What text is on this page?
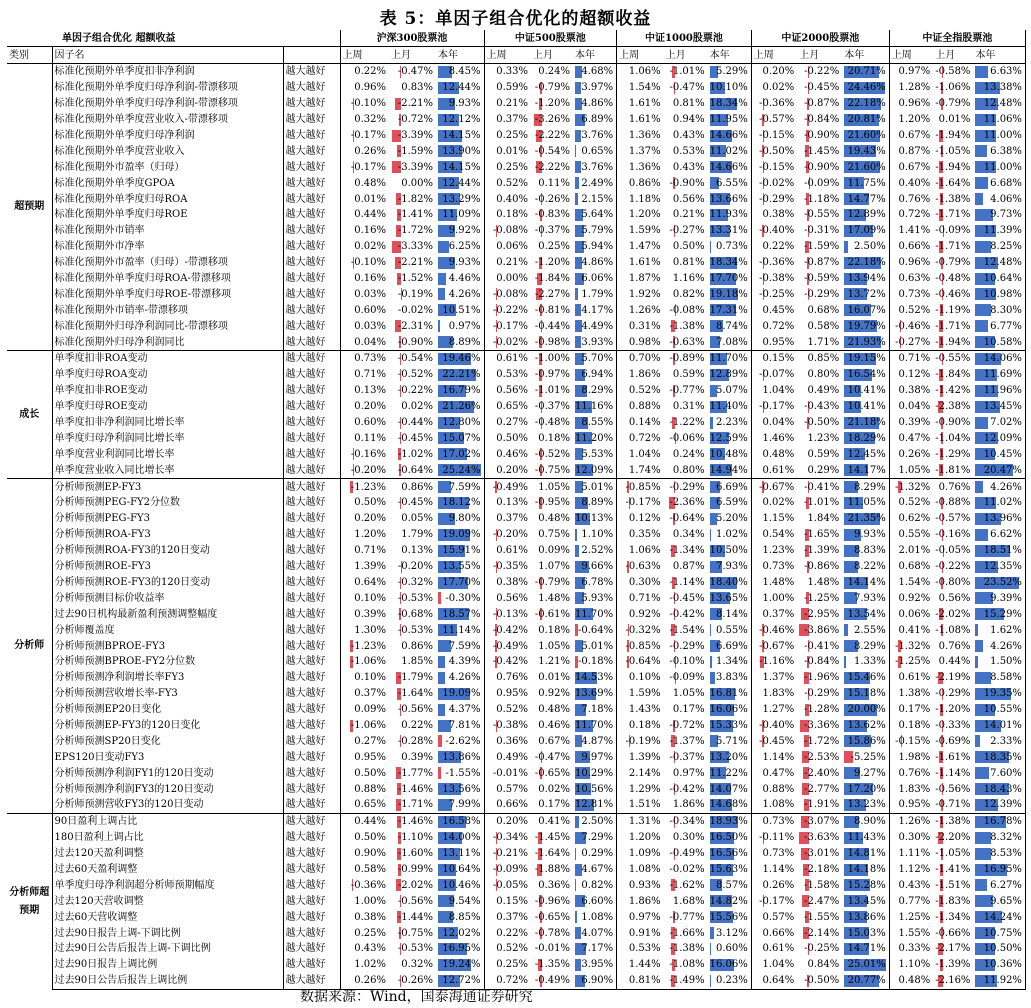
表 5：单因子组合优化的超额收益
单因子组合优化 超额收益			沪深300股票池			中证500股票池			中证1000股票池			中证2000股票池			中证全指股票池		
类别	因子名		上周	上月	本年	上周	上月	本年	上周	上月	本年	上周	上月	本年	上周	上月	本年

超预期	标准化预期外单季度扣非净利润	越大越好	0.22%	-0.47%	8.45%	0.33%	0.24%	4.68%	1.06%	-1.01%	5.29%	0.20%	-0.22%	20.71%	0.97%	-0.58%	6.63%
	标准化预期外单季度归母净利润-带漂移项	越大越好	0.96%	0.83%	12.44%	0.59%	-0.79%	3.97%	1.54%	-0.47%	10.10%	0.02%	-0.45%	24.46%	1.28%	-1.06%	13.38%
	标准化预期外单季度归母净利润-带漂移项	越大越好	-0.10%	-2.21%	9.93%	0.21%	-1.20%	4.86%	1.61%	0.81%	18.34%	-0.36%	-0.87%	22.18%	0.96%	-0.79%	12.48%
	标准化预期外单季度营业收入-带漂移项	越大越好	0.32%	-0.72%	12.12%	0.37%	-3.26%	6.89%	1.61%	0.94%	11.95%	-0.57%	-0.84%	20.81%	1.20%	0.01%	11.06%
	标准化预期外单季度归母净利润	越大越好	-0.17%	-3.39%	14.15%	0.25%	-2.22%	3.76%	1.36%	0.43%	14.66%	-0.15%	-0.90%	21.60%	0.67%	-1.94%	11.00%
	标准化预期外单季度营业收入	越大越好	0.26%	-1.59%	13.90%	0.01%	-0.54%	0.65%	1.37%	0.53%	11.02%	-0.50%	-1.45%	19.43%	0.87%	-1.05%	6.38%
	标准化预期外市盈率（归母）	越大越好	-0.17%	-3.39%	14.15%	0.25%	-2.22%	3.76%	1.36%	0.43%	14.66%	-0.15%	-0.90%	21.60%	0.67%	-1.94%	11.00%
	标准化预期外单季度GPOA	越大越好	0.48%	0.00%	12.44%	0.52%	0.11%	2.49%	0.86%	-0.90%	6.55%	-0.02%	-0.09%	11.75%	0.40%	-1.64%	6.68%
	标准化预期外单季度归母ROA	越大越好	0.01%	-1.82%	13.29%	0.40%	-0.26%	2.15%	1.18%	0.56%	13.66%	-0.29%	-1.18%	14.77%	0.76%	-1.38%	4.06%
	标准化预期外单季度归母ROE	越大越好	0.44%	-1.41%	11.09%	0.18%	-0.83%	5.64%	1.20%	0.21%	11.93%	0.38%	-0.55%	12.89%	0.72%	-1.71%	9.73%
	标准化预期外市销率	越大越好	0.16%	-1.72%	9.92%	-0.08%	-0.37%	5.79%	1.59%	-0.27%	13.31%	-0.40%	-0.31%	17.09%	1.41%	-0.09%	11.39%
	标准化预期外市净率	越大越好	0.02%	-3.33%	6.25%	0.06%	0.25%	5.94%	1.47%	0.50%	0.73%	0.22%	-1.59%	2.50%	0.66%	-1.71%	8.25%
	标准化预期外市盈率（归母）-带漂移项	越大越好	-0.10%	-2.21%	9.93%	0.21%	-1.20%	4.86%	1.61%	0.81%	18.34%	-0.36%	-0.87%	22.18%	0.96%	-0.79%	12.48%
	标准化预期外单季度归母ROA-带漂移项	越大越好	0.16%	-1.52%	4.46%	0.00%	-1.84%	6.06%	1.87%	1.16%	17.70%	-0.38%	-0.59%	13.94%	0.63%	-0.48%	10.64%
	标准化预期外单季度归母ROE-带漂移项	越大越好	0.03%	-0.19%	4.26%	-0.08%	-2.27%	1.79%	1.92%	0.82%	19.18%	-0.25%	-0.29%	13.72%	0.73%	-0.46%	10.98%
	标准化预期外市销率-带漂移项	越大越好	0.60%	-0.02%	10.51%	-0.22%	-0.81%	4.17%	1.26%	-0.08%	17.31%	0.45%	0.68%	16.07%	0.52%	-1.19%	8.30%
	标准化预期外归母净利润同比-带漂移项	越大越好	0.03%	-2.31%	0.97%	-0.17%	-0.44%	4.49%	0.31%	-1.38%	8.74%	0.72%	0.58%	19.79%	-0.46%	-1.71%	6.77%
	标准化预期外归母净利润同比	越大越好	0.04%	-0.90%	8.89%	-0.02%	-0.98%	3.93%	0.98%	-0.63%	7.08%	0.95%	1.71%	21.93%	-0.27%	-1.94%	10.58%

成长	单季度扣非ROA变动	越大越好	0.73%	-0.54%	19.46%	0.61%	-1.00%	5.70%	0.70%	-0.89%	11.70%	0.15%	0.85%	19.15%	0.71%	-0.55%	14.06%
	单季度归母ROA变动	越大越好	0.71%	-0.52%	22.21%	0.53%	-0.97%	6.94%	1.86%	0.59%	12.89%	-0.07%	0.80%	16.54%	0.12%	-1.84%	11.69%
	单季度扣非ROE变动	越大越好	0.13%	-0.22%	16.79%	0.56%	-1.01%	8.29%	0.52%	-0.77%	5.07%	1.04%	0.49%	10.41%	0.38%	-1.42%	11.96%
	单季度归母ROE变动	越大越好	0.20%	0.02%	21.26%	0.65%	-0.37%	11.16%	0.88%	0.31%	11.40%	-0.17%	-0.43%	10.41%	0.04%	-2.38%	13.45%
	单季度扣非净利润同比增长率	越大越好	0.60%	-0.44%	12.80%	0.27%	-0.48%	8.55%	0.14%	-1.22%	2.23%	0.04%	-0.50%	21.18%	0.39%	-0.90%	7.02%
	单季度归母净利润同比增长率	越大越好	0.11%	-0.45%	15.07%	0.50%	0.18%	11.20%	0.72%	-0.06%	12.59%	1.46%	1.23%	18.29%	0.47%	-1.04%	12.09%
	单季度营业利润同比增长率	越大越好	-0.16%	-1.02%	17.02%	0.46%	-0.52%	5.53%	1.04%	0.24%	10.48%	0.48%	0.59%	12.45%	0.26%	-1.29%	10.45%
	单季度营业收入同比增长率	越大越好	-0.20%	-0.64%	25.24%	0.20%	-0.75%	12.09%	1.74%	0.80%	14.94%	0.61%	0.29%	14.17%	1.05%	-1.81%	20.47%

分析师	分析师预测EP-FY3	越大越好	-1.23%	0.86%	7.59%	-0.49%	1.05%	5.01%	-0.85%	-0.29%	6.69%	-0.67%	-0.41%	8.29%	-1.32%	0.76%	4.26%
	分析师预测PEG-FY2分位数	越大越好	0.50%	-0.45%	18.12%	0.13%	-0.95%	8.89%	-0.17%	-2.36%	6.59%	0.02%	-1.01%	11.05%	0.52%	-0.88%	11.02%
	分析师预测PEG-FY3	越大越好	0.20%	0.05%	9.80%	0.37%	0.48%	10.13%	0.12%	-0.64%	5.20%	1.15%	1.84%	21.35%	0.62%	-0.57%	13.96%
	分析师预测ROA-FY3	越大越好	1.20%	1.79%	19.09%	-0.20%	0.75%	1.10%	0.35%	0.34%	1.02%	0.54%	-1.65%	9.93%	0.55%	-0.16%	6.62%
	分析师预测ROA-FY3的120日变动	越大越好	0.71%	0.13%	15.91%	0.61%	0.09%	2.52%	1.06%	-1.34%	10.50%	1.23%	-1.39%	8.83%	2.01%	-0.05%	18.51%
	分析师预测ROE-FY3	越大越好	1.39%	-0.20%	13.55%	-0.35%	1.07%	9.66%	-0.63%	0.87%	7.93%	0.73%	-0.86%	8.22%	0.68%	-0.22%	12.35%
	分析师预测ROE-FY3的120日变动	越大越好	0.64%	-0.32%	17.70%	0.38%	-0.79%	6.78%	0.30%	-1.14%	18.40%	1.48%	1.48%	14.14%	1.54%	-0.80%	23.52%
	分析师预测目标价收益率	越大越好	0.10%	-0.53%	-0.30%	0.56%	1.48%	5.93%	0.71%	-0.45%	13.65%	1.00%	-1.25%	7.93%	0.92%	0.56%	9.39%
	过去90日机构最新盈利预测调整幅度	越大越好	0.39%	-0.68%	18.57%	-0.13%	-0.61%	11.70%	0.92%	-0.42%	8.14%	0.37%	-2.95%	13.54%	0.06%	-2.02%	15.29%
	分析师覆盖度	越大越好	1.30%	-0.53%	11.14%	-0.42%	0.18%	-0.64%	-0.32%	-1.54%	0.55%	-0.46%	-3.86%	2.55%	0.41%	-1.08%	1.62%
	分析师预测BPROE-FY3	越大越好	-1.23%	0.86%	7.59%	-0.49%	1.05%	5.01%	-0.85%	-0.29%	6.69%	-0.67%	-0.41%	8.29%	-1.32%	0.76%	4.26%
	分析师预测BPROE-FY2分位数	越大越好	-1.06%	1.85%	4.39%	-0.42%	1.21%	-0.18%	-0.64%	-0.10%	1.34%	-1.16%	-0.84%	1.33%	-1.25%	0.44%	1.50%
	分析师预测净利润增长率FY3	越大越好	0.10%	-1.79%	4.26%	0.76%	0.01%	14.53%	0.10%	-0.09%	3.83%	1.37%	-1.96%	15.46%	0.61%	-2.19%	8.58%
	分析师预测营收增长率-FY3	越大越好	0.37%	-1.64%	19.09%	0.95%	0.92%	13.69%	1.59%	1.05%	16.81%	1.83%	-0.29%	15.18%	1.38%	-0.29%	19.35%
	分析师预测EP20日变化	越大越好	0.09%	-0.56%	4.37%	0.52%	0.48%	7.18%	1.43%	0.17%	16.06%	1.27%	-1.28%	20.00%	0.17%	-1.20%	10.55%
	分析师预测EP-FY3的120日变化	越大越好	-1.06%	0.22%	7.81%	-0.38%	0.46%	11.70%	0.18%	-0.72%	15.33%	-0.40%	-3.36%	13.62%	0.18%	-0.33%	14.01%
	分析师预测SP20日变化	越大越好	0.27%	-0.28%	-2.62%	0.36%	0.67%	4.87%	-0.19%	-1.37%	5.71%	-0.45%	-1.72%	15.86%	-0.15%	-0.69%	2.33%
	EPS120日变动FY3	越大越好	0.95%	0.39%	13.86%	0.49%	-0.47%	9.97%	1.39%	-0.37%	13.20%	1.14%	-2.53%	-5.25%	1.98%	-1.61%	18.35%
	分析师预测净利润FY1的120日变动	越大越好	0.50%	-1.77%	-1.55%	-0.01%	-0.65%	10.29%	2.14%	0.97%	11.22%	0.47%	-2.40%	9.27%	0.76%	-1.14%	7.60%
	分析师预测净利润FY3的120日变动	越大越好	0.88%	-1.46%	13.56%	0.57%	0.02%	10.56%	1.29%	-0.42%	14.07%	0.88%	-2.77%	17.20%	1.83%	-0.56%	18.43%
	分析师预测营收FY3的120日变动	越大越好	0.65%	-1.71%	7.99%	0.66%	0.17%	12.81%	1.51%	1.86%	14.68%	1.08%	-1.91%	13.23%	0.95%	-0.71%	12.39%

分析师超预期	90日盈利上调占比	越大越好	0.44%	-1.46%	16.58%	0.20%	0.41%	2.50%	1.31%	-0.34%	18.93%	0.73%	-3.07%	8.90%	1.26%	-1.38%	16.78%
	180日盈利上调占比	越大越好	0.50%	-1.10%	14.00%	-0.34%	-1.45%	7.29%	1.20%	0.30%	16.50%	-0.11%	-3.63%	11.43%	0.30%	-2.20%	8.32%
	过去120天盈利调整	越大越好	0.90%	-1.60%	13.11%	-0.21%	-1.64%	0.29%	1.09%	-0.49%	16.56%	0.73%	-3.01%	14.81%	1.11%	-1.05%	8.53%
	过去60天盈利调整	越大越好	0.58%	-0.99%	10.64%	-0.09%	-1.88%	4.67%	1.08%	-0.02%	15.63%	1.14%	-2.18%	14.18%	1.12%	-1.41%	16.95%
	单季度归母净利润超分析师预期幅度	越大越好	-0.36%	-2.02%	10.46%	-0.05%	0.36%	0.82%	0.93%	-1.62%	8.57%	0.26%	-1.58%	15.28%	0.43%	-1.51%	6.27%
	过去120天营收调整	越大越好	1.00%	-0.56%	9.54%	0.15%	-0.96%	6.60%	1.86%	1.68%	14.82%	-0.17%	-2.47%	13.45%	0.77%	-1.83%	9.65%
	过去60天营收调整	越大越好	0.38%	-1.44%	8.85%	0.37%	-0.65%	1.08%	0.97%	-0.77%	15.56%	0.57%	-1.55%	13.86%	1.25%	-1.34%	14.24%
	过去90日报告上调-下调比例	越大越好	0.25%	-0.75%	12.02%	0.22%	-0.78%	4.07%	0.91%	-1.66%	3.12%	0.66%	-2.14%	15.03%	1.55%	-0.66%	10.75%
	过去90日公告后报告上调-下调比例	越大越好	0.43%	-0.53%	16.95%	0.52%	-0.01%	7.17%	0.53%	-1.38%	0.60%	0.61%	-0.25%	14.71%	0.33%	-2.17%	10.50%
	过去90日报告上调比例	越大越好	1.02%	0.32%	19.24%	0.25%	-1.35%	3.95%	1.44%	-1.08%	16.06%	1.04%	0.84%	25.01%	1.10%	-1.39%	10.36%
	过去90日公告后报告上调比例	越大越好	0.26%	-0.26%	12.72%	0.72%	-0.49%	6.90%	0.81%	-1.49%	0.23%	0.64%	-0.50%	20.77%	0.48%	-2.16%	11.92%
数据来源：Wind，国泰海通证券研究
